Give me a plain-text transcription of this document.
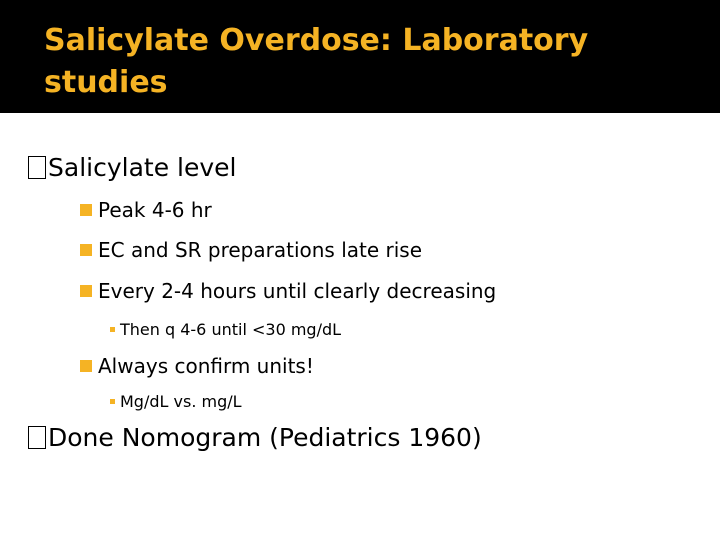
Salicylate Overdose: Laboratory studies
Salicylate level
Peak 4-6 hr
EC and SR preparations late rise
Every 2-4 hours until clearly decreasing
Then q 4-6 until <30 mg/dL
Always confirm units!
Mg/dL vs. mg/L
Done Nomogram (Pediatrics 1960)
